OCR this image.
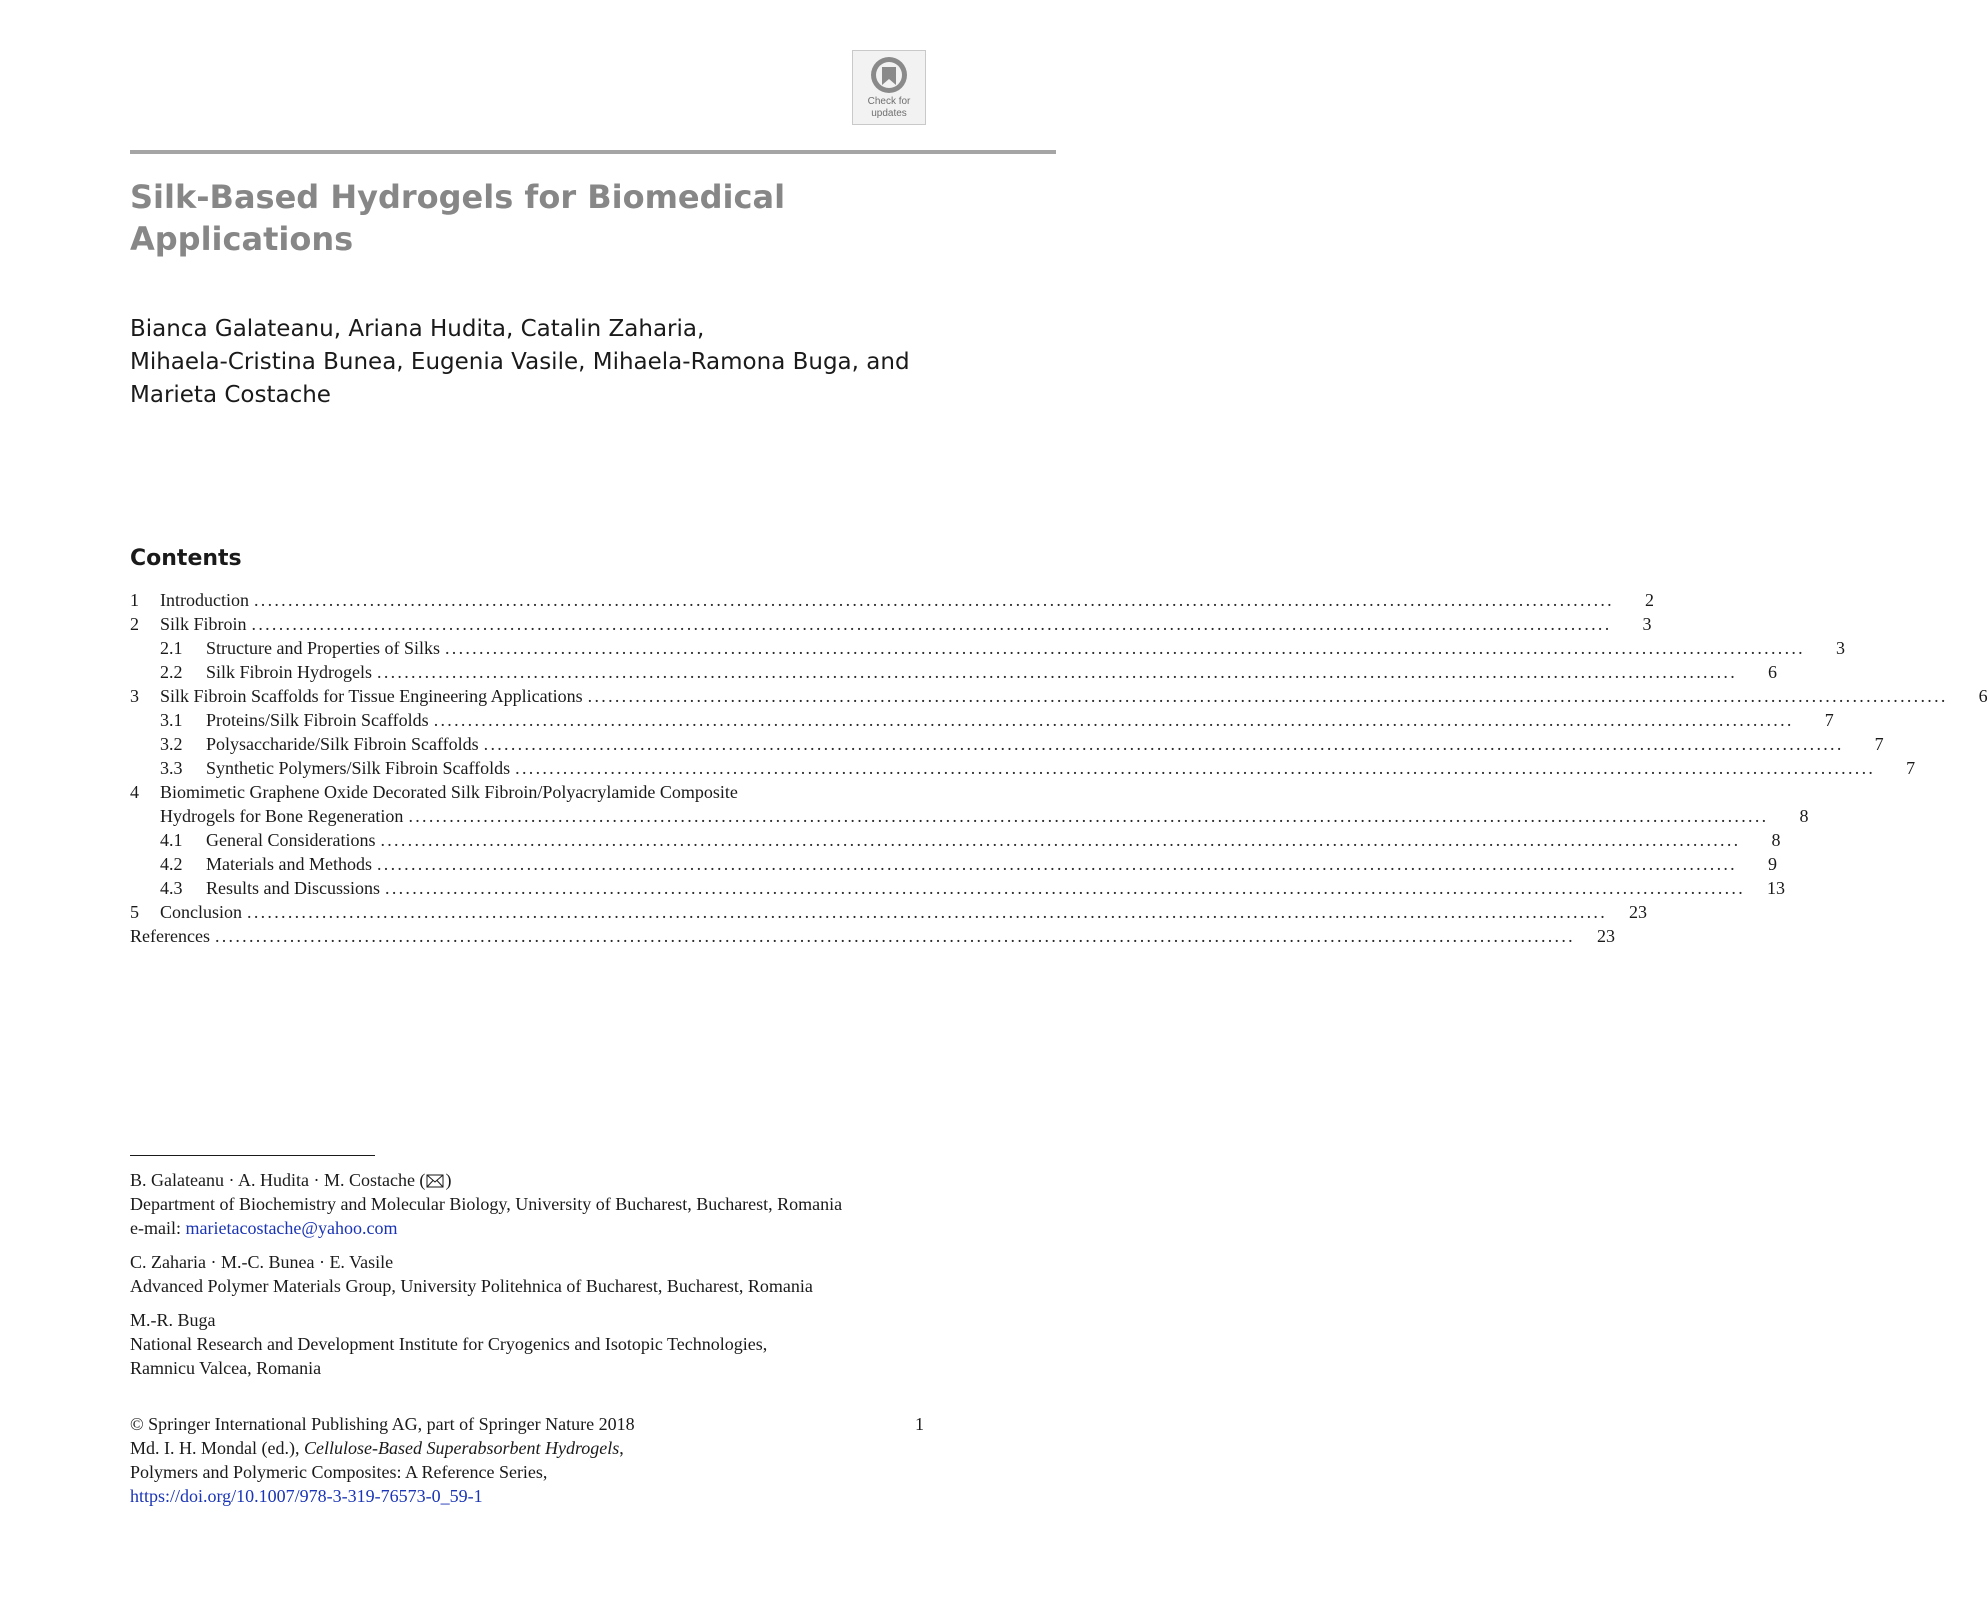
Check for
updates
Silk-Based Hydrogels for Biomedical
Applications
Bianca Galateanu, Ariana Hudita, Catalin Zaharia,
Mihaela-Cristina Bunea, Eugenia Vasile, Mihaela-Ramona Buga, and
Marieta Costache
Contents
1	Introduction ........................................................................................................................................................................................................	2
2	Silk Fibroin ........................................................................................................................................................................................................	3
2.1	Structure and Properties of Silks ........................................................................................................................................................................................................	3
2.2	Silk Fibroin Hydrogels ........................................................................................................................................................................................................	6
3	Silk Fibroin Scaffolds for Tissue Engineering Applications ........................................................................................................................................................................................................	6
3.1	Proteins/Silk Fibroin Scaffolds ........................................................................................................................................................................................................	7
3.2	Polysaccharide/Silk Fibroin Scaffolds ........................................................................................................................................................................................................	7
3.3	Synthetic Polymers/Silk Fibroin Scaffolds ........................................................................................................................................................................................................	7
4	Biomimetic Graphene Oxide Decorated Silk Fibroin/Polyacrylamide Composite
Hydrogels for Bone Regeneration ........................................................................................................................................................................................................	8
4.1	General Considerations ........................................................................................................................................................................................................	8
4.2	Materials and Methods ........................................................................................................................................................................................................	9
4.3	Results and Discussions ........................................................................................................................................................................................................ 13
5	Conclusion ........................................................................................................................................................................................................ 23
References ........................................................................................................................................................................................................ 23
B. Galateanu · A. Hudita · M. Costache ( )
Department of Biochemistry and Molecular Biology, University of Bucharest, Bucharest, Romania
e-mail: marietacostache@yahoo.com
C. Zaharia · M.-C. Bunea · E. Vasile
Advanced Polymer Materials Group, University Politehnica of Bucharest, Bucharest, Romania
M.-R. Buga
National Research and Development Institute for Cryogenics and Isotopic Technologies,
Ramnicu Valcea, Romania
© Springer International Publishing AG, part of Springer Nature 2018
Md. I. H. Mondal (ed.), Cellulose-Based Superabsorbent Hydrogels,
Polymers and Polymeric Composites: A Reference Series,
https://doi.org/10.1007/978-3-319-76573-0_59-1
1
